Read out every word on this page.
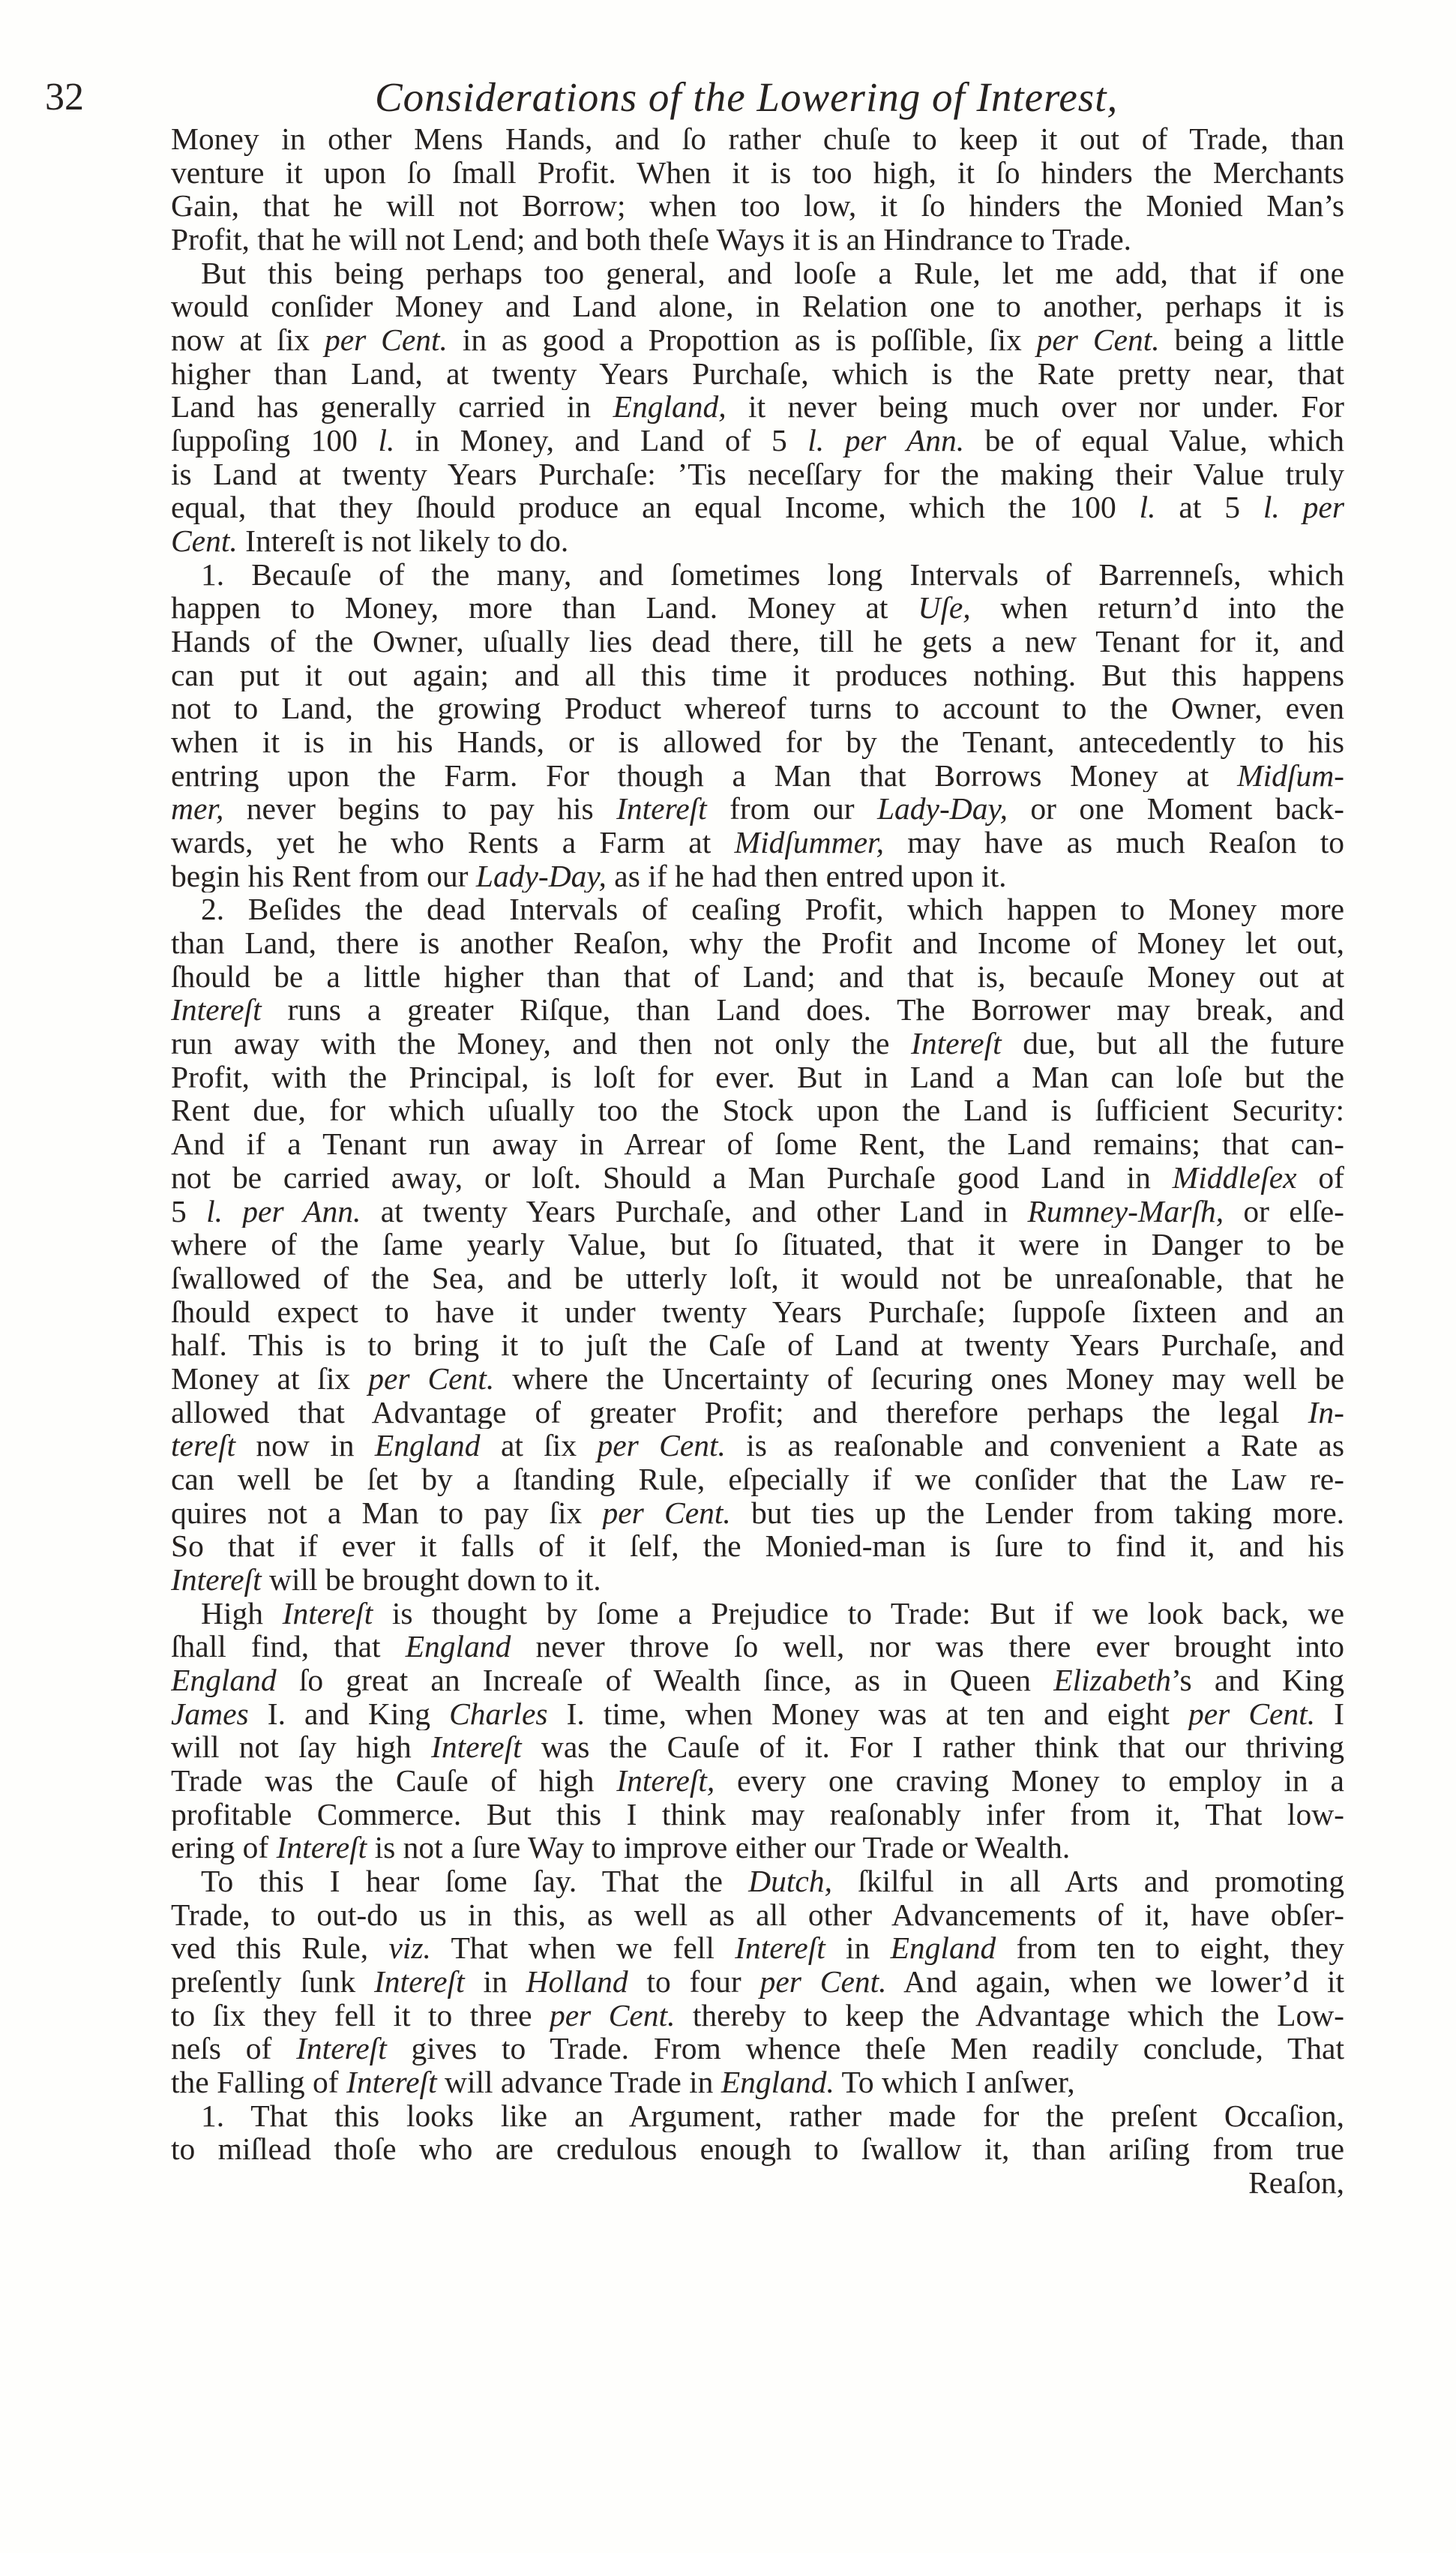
32	Considerations of the Lowering of Interest,
Money in other Mens Hands, and ſo rather chuſe to keep it out of Trade, than
venture it upon ſo ſmall Profit. When it is too high, it ſo hinders the Merchants
Gain, that he will not Borrow; when too low, it ſo hinders the Monied Man’s
Profit, that he will not Lend; and both theſe Ways it is an Hindrance to Trade.
But this being perhaps too general, and looſe a Rule, let me add, that if one
would conſider Money and Land alone, in Relation one to another, perhaps it is
now at ſix per Cent. in as good a Propottion as is poſſible, ſix per Cent. being a little
higher than Land, at twenty Years Purchaſe, which is the Rate pretty near, that
Land has generally carried in England, it never being much over nor under. For
ſuppoſing 100 l. in Money, and Land of 5 l. per Ann. be of equal Value, which
is Land at twenty Years Purchaſe: ’Tis neceſſary for the making their Value truly
equal, that they ſhould produce an equal Income, which the 100 l. at 5 l. per
Cent. Intereſt is not likely to do.
1. Becauſe of the many, and ſometimes long Intervals of Barrenneſs, which
happen to Money, more than Land. Money at Uſe, when return’d into the
Hands of the Owner, uſually lies dead there, till he gets a new Tenant for it, and
can put it out again; and all this time it produces nothing. But this happens
not to Land, the growing Product whereof turns to account to the Owner, even
when it is in his Hands, or is allowed for by the Tenant, antecedently to his
entring upon the Farm. For though a Man that Borrows Money at Midſum-
mer, never begins to pay his Intereſt from our Lady-Day, or one Moment back-
wards, yet he who Rents a Farm at Midſummer, may have as much Reaſon to
begin his Rent from our Lady-Day, as if he had then entred upon it.
2. Beſides the dead Intervals of ceaſing Profit, which happen to Money more
than Land, there is another Reaſon, why the Profit and Income of Money let out,
ſhould be a little higher than that of Land; and that is, becauſe Money out at
Intereſt runs a greater Riſque, than Land does. The Borrower may break, and
run away with the Money, and then not only the Intereſt due, but all the future
Profit, with the Principal, is loſt for ever. But in Land a Man can loſe but the
Rent due, for which uſually too the Stock upon the Land is ſufficient Security:
And if a Tenant run away in Arrear of ſome Rent, the Land remains; that can-
not be carried away, or loſt. Should a Man Purchaſe good Land in Middleſex of
5 l. per Ann. at twenty Years Purchaſe, and other Land in Rumney-Marſh, or elſe-
where of the ſame yearly Value, but ſo ſituated, that it were in Danger to be
ſwallowed of the Sea, and be utterly loſt, it would not be unreaſonable, that he
ſhould expect to have it under twenty Years Purchaſe; ſuppoſe ſixteen and an
half. This is to bring it to juſt the Caſe of Land at twenty Years Purchaſe, and
Money at ſix per Cent. where the Uncertainty of ſecuring ones Money may well be
allowed that Advantage of greater Profit; and therefore perhaps the legal In-
tereſt now in England at ſix per Cent. is as reaſonable and convenient a Rate as
can well be ſet by a ſtanding Rule, eſpecially if we conſider that the Law re-
quires not a Man to pay ſix per Cent. but ties up the Lender from taking more.
So that if ever it falls of it ſelf, the Monied-man is ſure to find it, and his
Intereſt will be brought down to it.
High Intereſt is thought by ſome a Prejudice to Trade: But if we look back, we
ſhall find, that England never throve ſo well, nor was there ever brought into
England ſo great an Increaſe of Wealth ſince, as in Queen Elizabeth’s and King
James I. and King Charles I. time, when Money was at ten and eight per Cent. I
will not ſay high Intereſt was the Cauſe of it. For I rather think that our thriving
Trade was the Cauſe of high Intereſt, every one craving Money to employ in a
profitable Commerce. But this I think may reaſonably infer from it, That low-
ering of Intereſt is not a ſure Way to improve either our Trade or Wealth.
To this I hear ſome ſay. That the Dutch, ſkilful in all Arts and promoting
Trade, to out-do us in this, as well as all other Advancements of it, have obſer-
ved this Rule, viz. That when we fell Intereſt in England from ten to eight, they
preſently ſunk Intereſt in Holland to four per Cent. And again, when we lower’d it
to ſix they fell it to three per Cent. thereby to keep the Advantage which the Low-
neſs of Intereſt gives to Trade. From whence theſe Men readily conclude, That
the Falling of Intereſt will advance Trade in England. To which I anſwer,
1. That this looks like an Argument, rather made for the preſent Occaſion,
to miſlead thoſe who are credulous enough to ſwallow it, than ariſing from true
Reaſon,
